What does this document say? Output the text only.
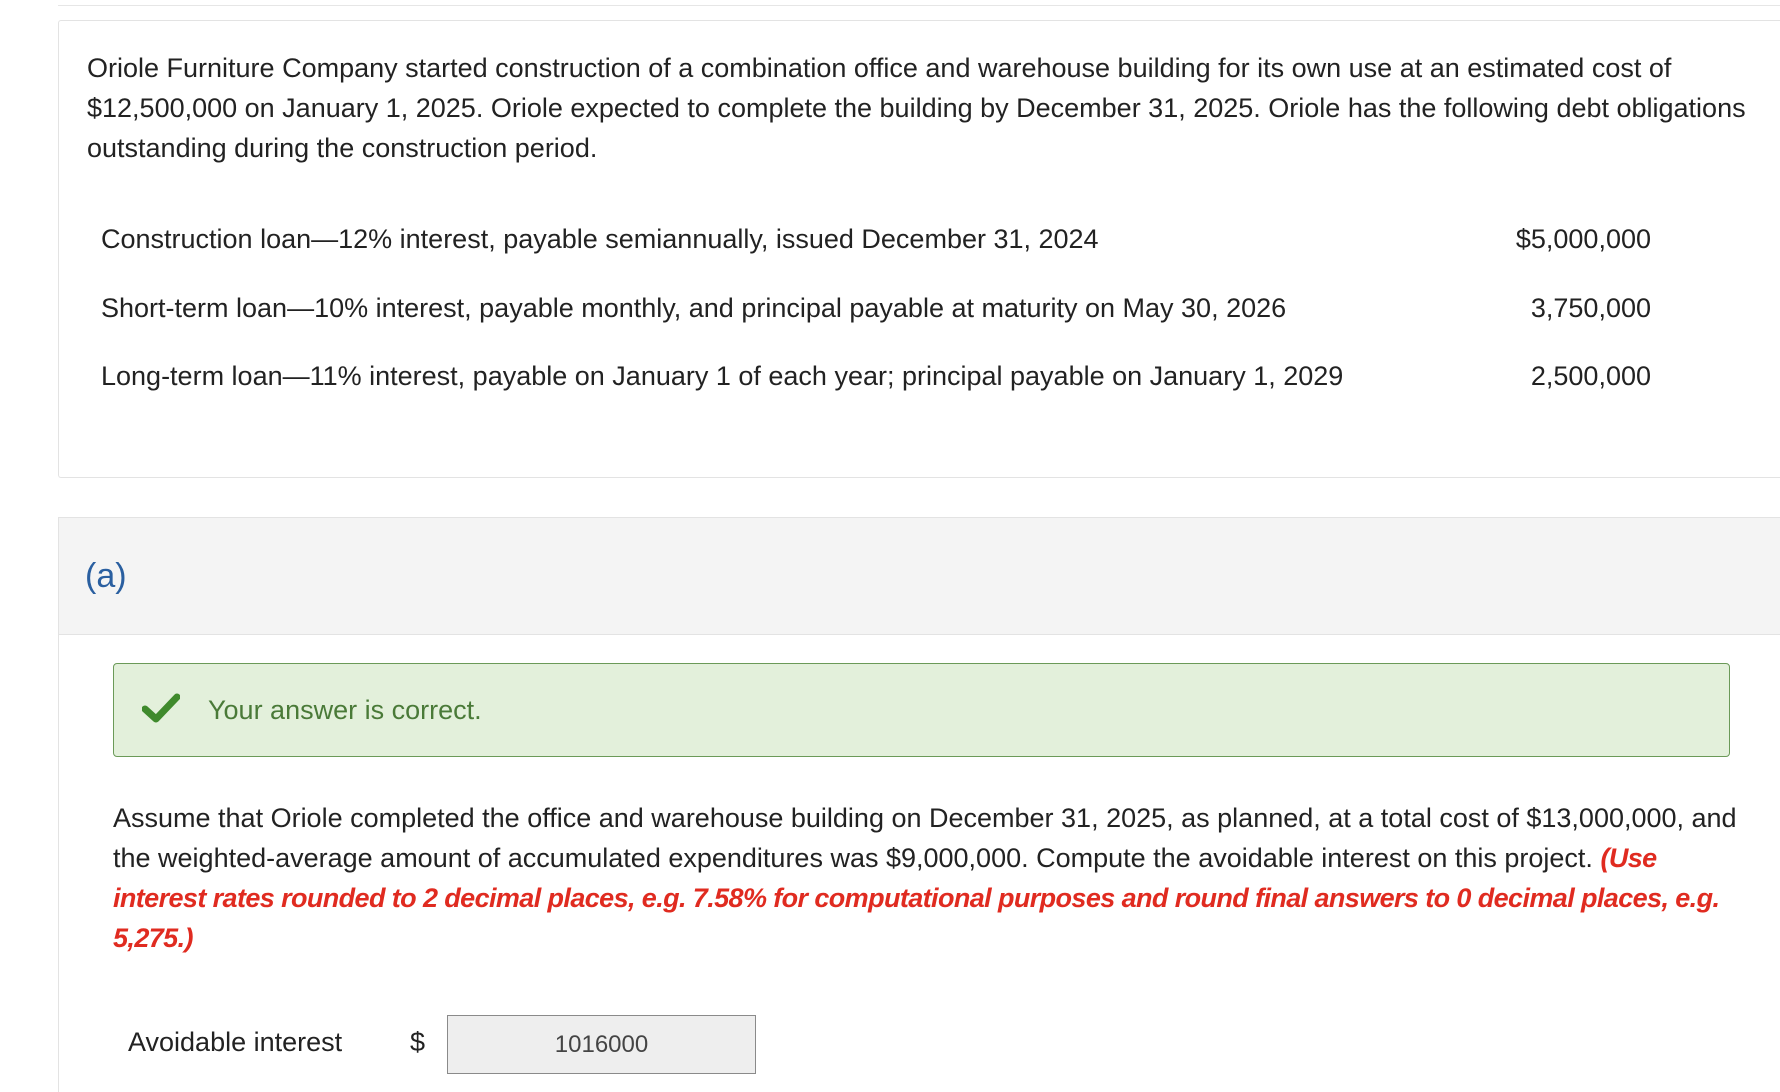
Oriole Furniture Company started construction of a combination office and warehouse building for its own use at an estimated cost of $12,500,000 on January 1, 2025. Oriole expected to complete the building by December 31, 2025. Oriole has the following debt obligations outstanding during the construction period.

Construction loan—12% interest, payable semiannually, issued December 31, 2024	$5,000,000
Short-term loan—10% interest, payable monthly, and principal payable at maturity on May 30, 2026	3,750,000
Long-term loan—11% interest, payable on January 1 of each year; principal payable on January 1, 2029	2,500,000
(a)
Your answer is correct.

Assume that Oriole completed the office and warehouse building on December 31, 2025, as planned, at a total cost of $13,000,000, and the weighted-average amount of accumulated expenditures was $9,000,000. Compute the avoidable interest on this project. (Use interest rates rounded to 2 decimal places, e.g. 7.58% for computational purposes and round final answers to 0 decimal places, e.g. 5,275.)

Avoidable interest	$
1016000
